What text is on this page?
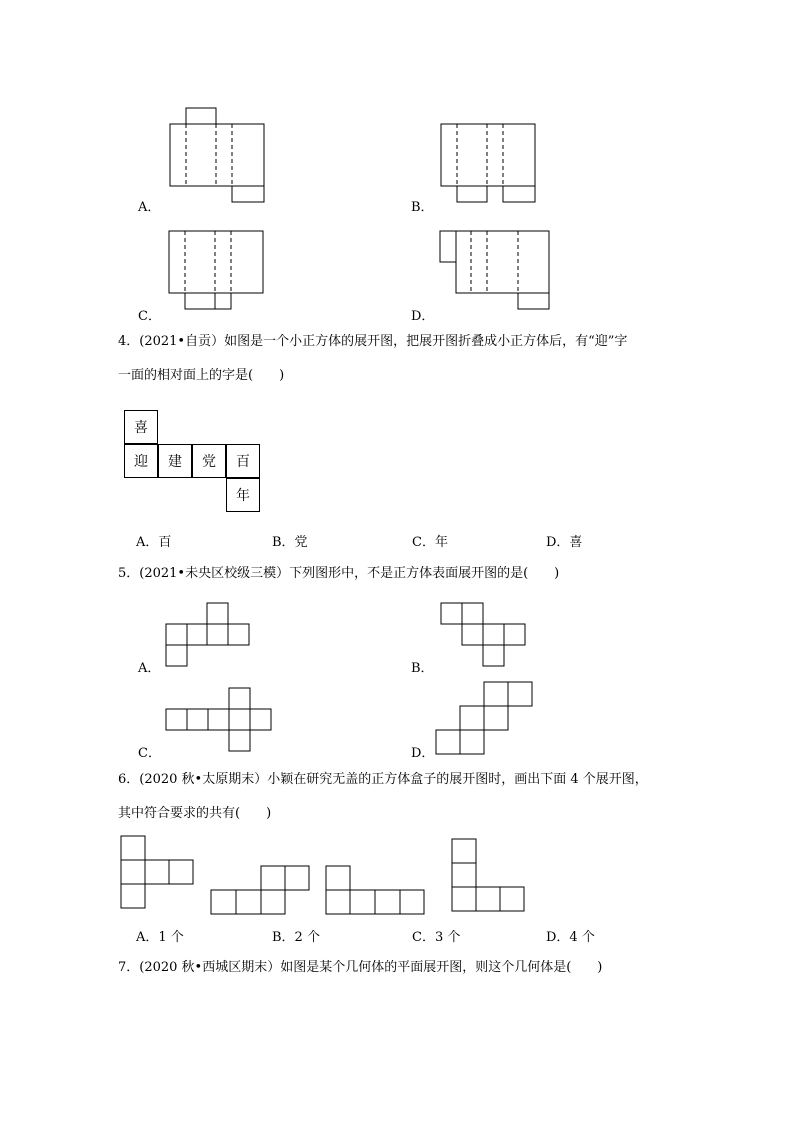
A．	B．
C．	D．
4．(2021•自贡）如图是一个小正方体的展开图，把展开图折叠成小正方体后，有“迎”字
一面的相对面上的字是(　　)
喜
迎	建	党	百
年
A．百	B．党	C．年	D．喜
5．(2021•未央区校级三模）下列图形中，不是正方体表面展开图的是(　　)
A．	B．
C．	D．
6．(2020 秋•太原期末）小颖在研究无盖的正方体盒子的展开图时，画出下面 4 个展开图，
其中符合要求的共有(　　)
A．1 个	B．2 个	C．3 个	D．4 个
7．(2020 秋•西城区期末）如图是某个几何体的平面展开图，则这个几何体是(　　)
